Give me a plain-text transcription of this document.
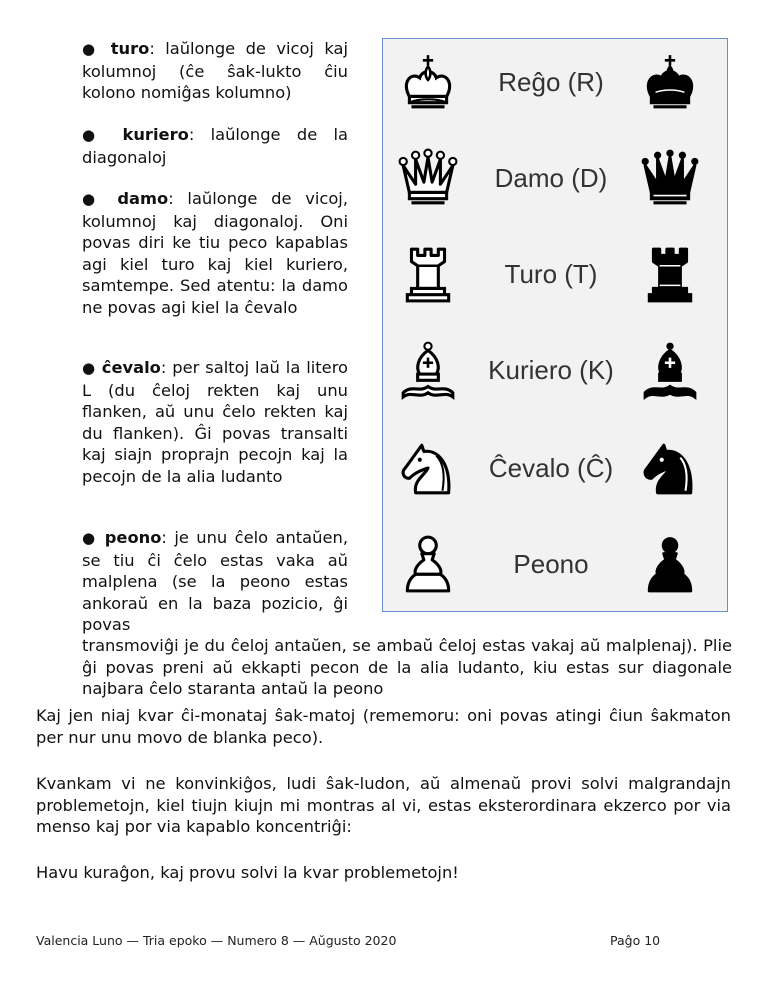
● turo: laŭlonge de vicoj kaj kolumnoj (ĉe ŝak-lukto ĉiu kolono nomiĝas kolumno)
● kuriero: laŭlonge de la diagonaloj
● damo: laŭlonge de vicoj, kolumnoj kaj diagonaloj. Oni povas diri ke tiu peco kapablas agi kiel turo kaj kiel kuriero, samtempe. Sed atentu: la damo ne povas agi kiel la ĉevalo
● ĉevalo: per saltoj laŭ la litero L (du ĉeloj rekten kaj unu flanken, aŭ unu ĉelo rekten kaj du flanken). Ĝi povas transalti kaj siajn proprajn pecojn kaj la pecojn de la alia ludanto
● peono: je unu ĉelo antaŭen, se tiu ĉi ĉelo estas vaka aŭ malplena (se la peono estas ankoraŭ en la baza pozicio, ĝi povas
transmoviĝi je du ĉeloj antaŭen, se ambaŭ ĉeloj estas vakaj aŭ malplenaj). Plie ĝi povas preni aŭ ekkapti pecon de la alia ludanto, kiu estas sur diagonale najbara ĉelo staranta antaŭ la peono
Reĝo (R)
Damo (D)
Turo (T)
Kuriero (K)
Ĉevalo (Ĉ)
Peono

Kaj jen niaj kvar ĉi-monataj ŝak-matoj (rememoru: oni povas atingi ĉiun ŝakmaton per nur unu movo de blanka peco).

Kvankam vi ne konvinkiĝos, ludi ŝak-ludon, aŭ almenaŭ provi solvi malgrandajn problemetojn, kiel tiujn kiujn mi montras al vi, estas eksterordinara ekzerco por via menso kaj por via kapablo koncentriĝi:

Havu kuraĝon, kaj provu solvi la kvar problemetojn!

Valencia Luno — Tria epoko — Numero 8 — Aŭgusto 2020	Paĝo 10
